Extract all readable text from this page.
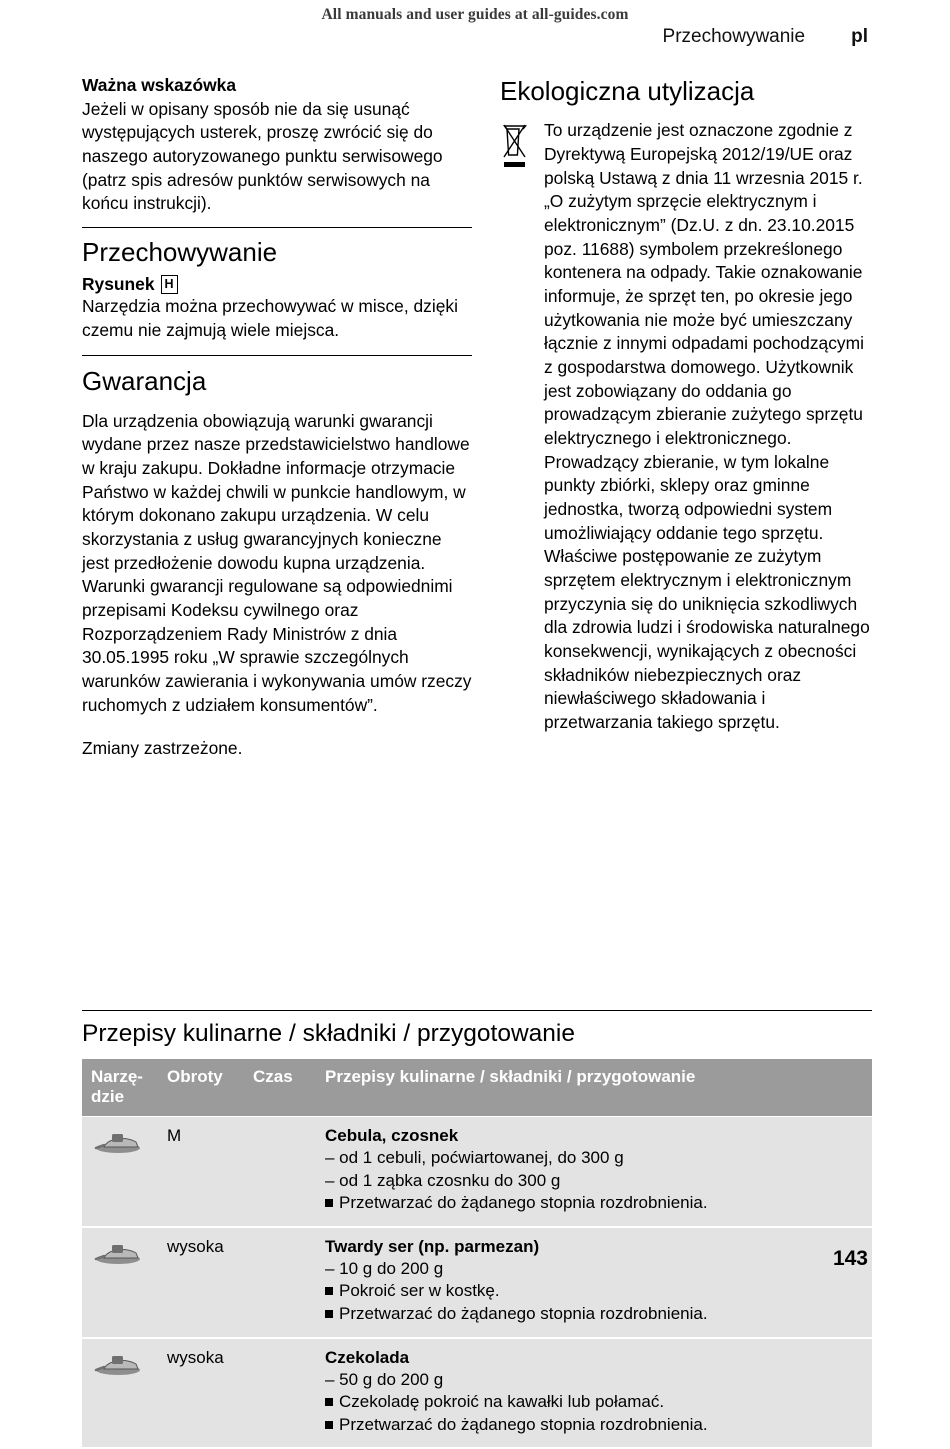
All manuals and user guides at all-guides.com
Przechowywanie pl
Ważna wskazówka
Jeżeli w opisany sposób nie da się usunąć występujących usterek, proszę zwrócić się do naszego autoryzowanego punktu serwisowego (patrz spis adresów punktów serwisowych na końcu instrukcji).
Przechowywanie
Rysunek H
Narzędzia można przechowywać w misce, dzięki czemu nie zajmują wiele miejsca.
Gwarancja
Dla urządzenia obowiązują warunki gwarancji wydane przez nasze przedstawicielstwo handlowe w kraju zakupu. Dokładne informacje otrzymacie Państwo w każdej chwili w punkcie handlowym, w którym dokonano zakupu urządzenia. W celu skorzystania z usług gwarancyjnych konieczne jest przedłożenie dowodu kupna urządzenia. Warunki gwarancji regulowane są odpowiednimi przepisami Kodeksu cywilnego oraz Rozporządzeniem Rady Ministrów z dnia 30.05.1995 roku „W sprawie szczególnych warunków zawierania i wykonywania umów rzeczy ruchomych z udziałem konsumentów”.
Zmiany zastrzeżone.
Ekologiczna utylizacja
To urządzenie jest oznaczone zgodnie z Dyrektywą Europejską 2012/19/UE oraz polską Ustawą z dnia 11 wrzesnia 2015 r. „O zużytym sprzęcie elektrycznym i elektronicznym” (Dz.U. z dn. 23.10.2015 poz. 11688) symbolem przekreślonego kontenera na odpady. Takie oznakowanie informuje, że sprzęt ten, po okresie jego użytkowania nie może być umieszczany łącznie z innymi odpadami pochodzącymi z gospodarstwa domowego. Użytkownik jest zobowiązany do oddania go prowadzącym zbieranie zużytego sprzętu elektrycznego i elektronicznego. Prowadzący zbieranie, w tym lokalne punkty zbiórki, sklepy oraz gminne jednostka, tworzą odpowiedni system umożliwiający oddanie tego sprzętu. Właściwe postępowanie ze zużytym sprzętem elektrycznym i elektronicznym przyczynia się do uniknięcia szkodliwych dla zdrowia ludzi i środowiska naturalnego konsekwencji, wynikających z obecności składników niebezpiecznych oraz niewłaściwego składowania i przetwarzania takiego sprzętu.
Przepisy kulinarne / składniki / przygotowanie
Narzę-dzie	Obroty	Czas	Przepisy kulinarne / składniki / przygotowanie
	M		Cebula, czosnek
– od 1 cebuli, poćwiartowanej, do 300 g
– od 1 ząbka czosnku do 300 g
Przetwarzać do żądanego stopnia rozdrobnienia.

	wysoka		Twardy ser (np. parmezan)
– 10 g do 200 g
Pokroić ser w kostkę.
Przetwarzać do żądanego stopnia rozdrobnienia.

	wysoka		Czekolada
– 50 g do 200 g
Czekoladę pokroić na kawałki lub połamać.
Przetwarzać do żądanego stopnia rozdrobnienia.
143
